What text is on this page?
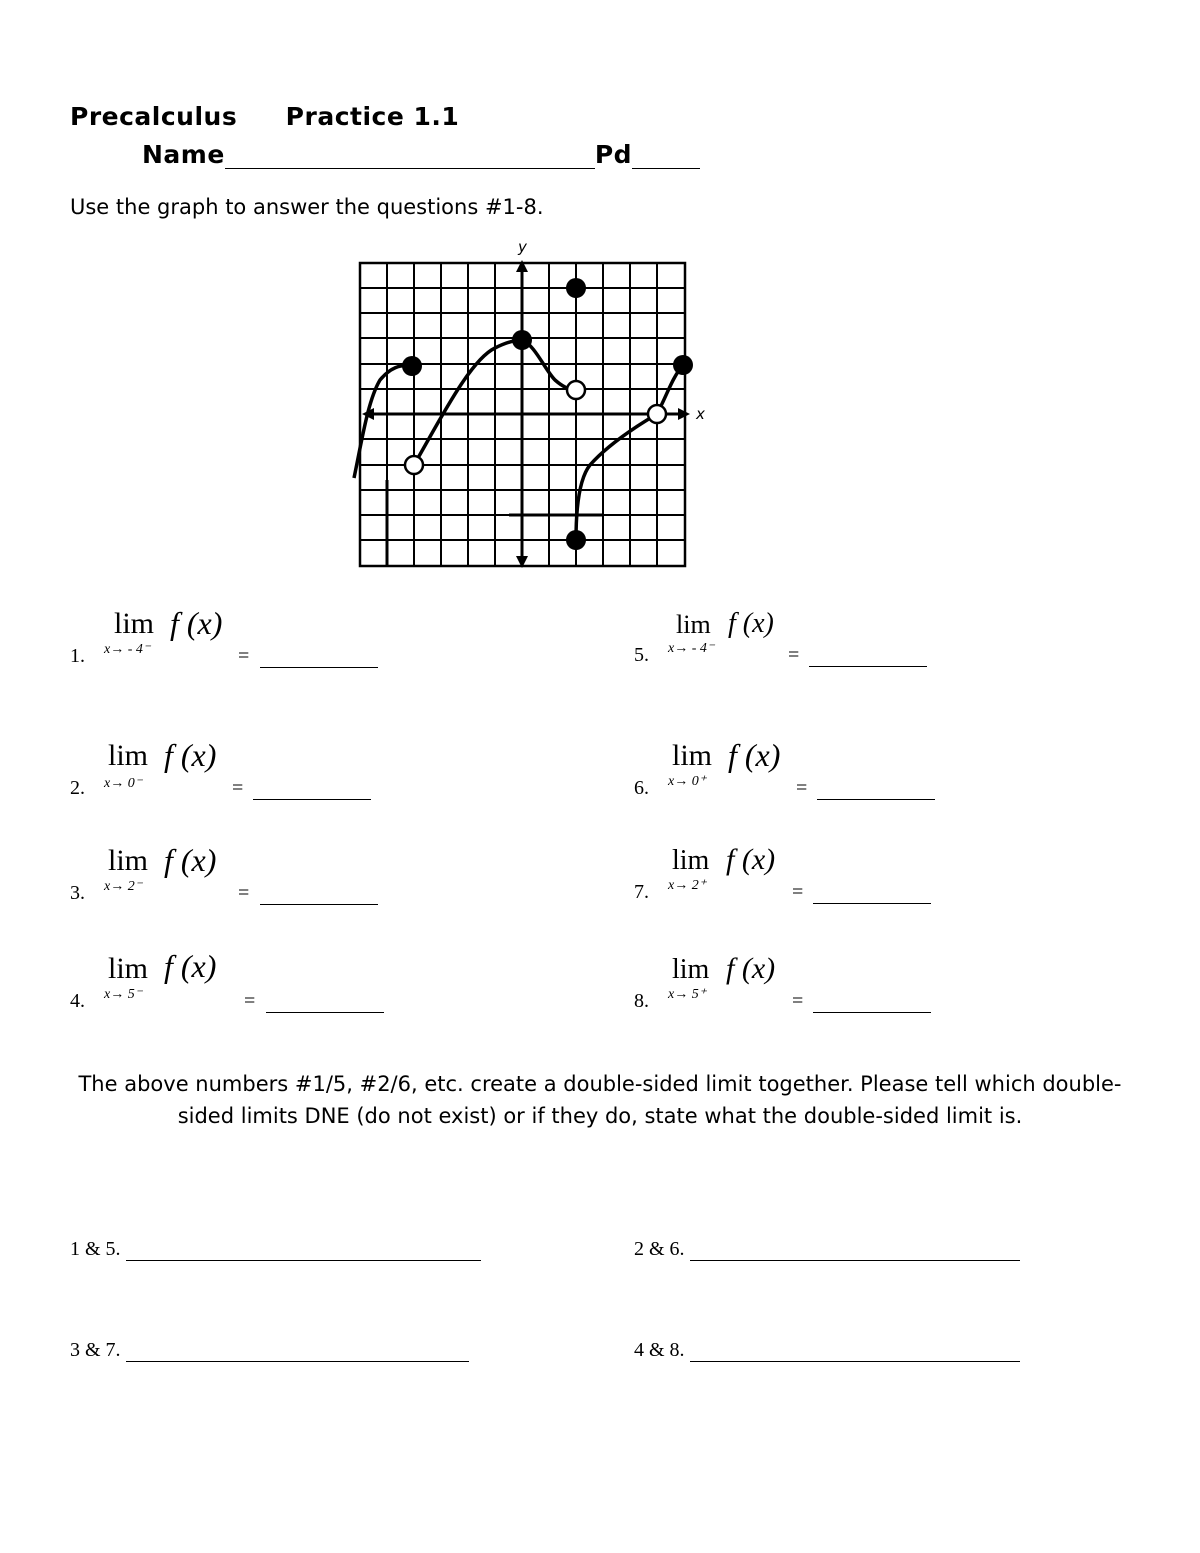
Precalculus Practice 1.1
Name	Pd
Use the graph to answer the questions #1-8.
y
x
1.
lim f (x)
x→ - 4⁻	=
2.
lim f (x)
x→ 0⁻	=
3.
lim f (x)
x→ 2⁻	=
4.
lim f (x)
x→ 5⁻	=
5.
lim f (x)
x→ - 4⁻	=
6.
lim f (x)
x→ 0⁺	=
7.
lim f (x)
x→ 2⁺	=
8.
lim f (x)
x→ 5⁺	=
The above numbers #1/5, #2/6, etc. create a double-sided limit together. Please tell which double-sided limits DNE (do not exist) or if they do, state what the double-sided limit is.
1 & 5.	2 & 6.
3 & 7.	4 & 8.
